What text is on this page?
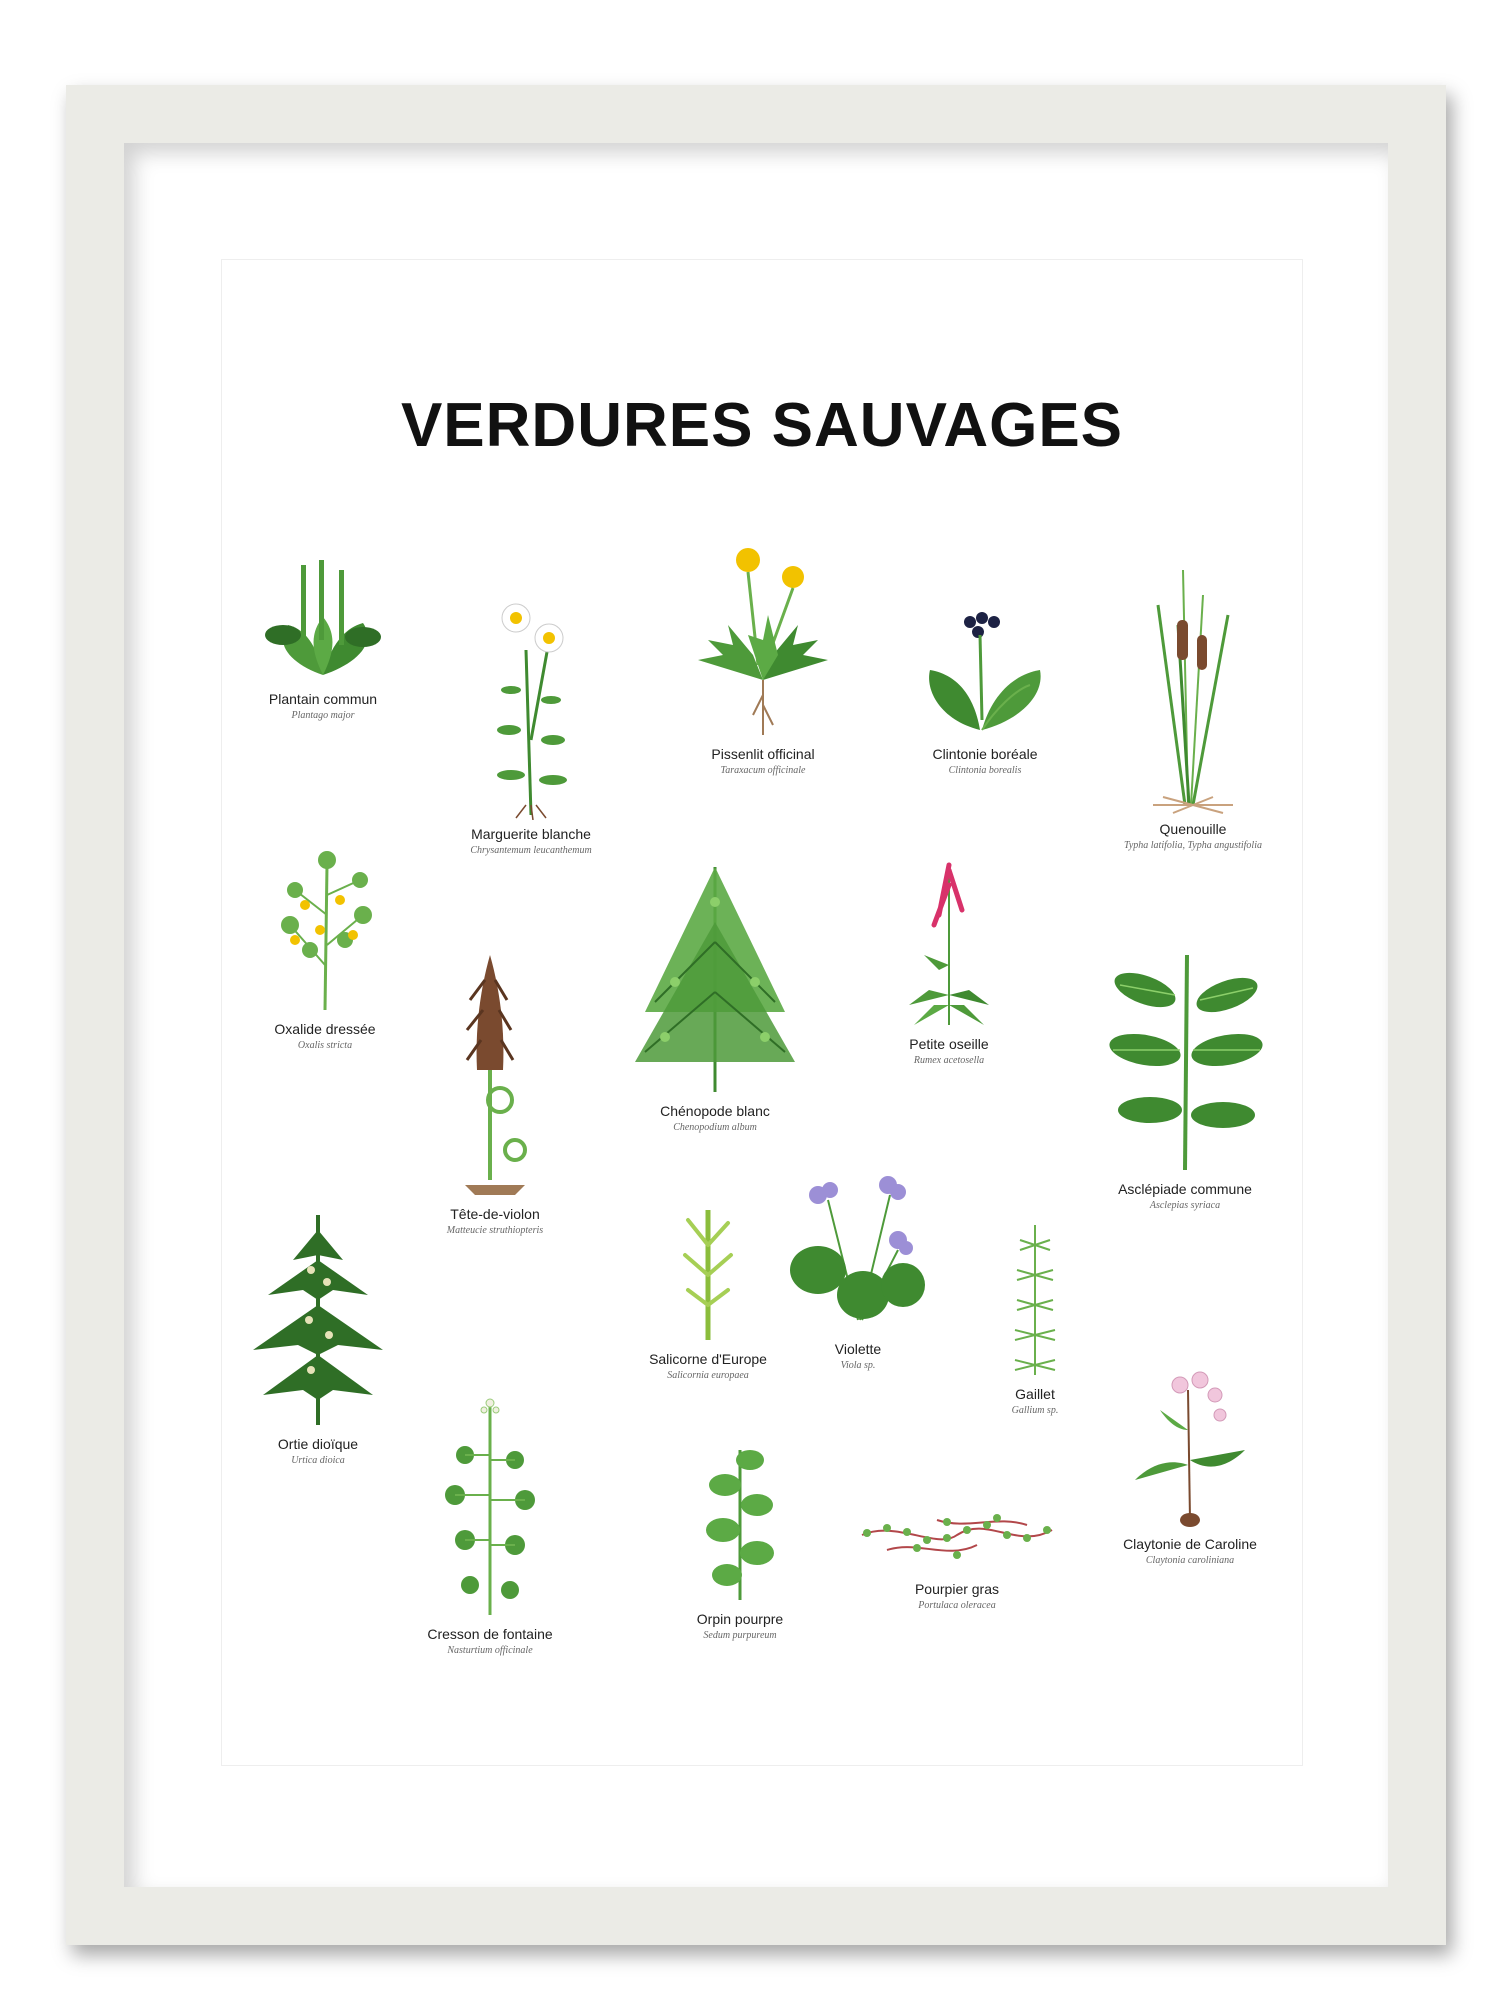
VERDURES SAUVAGES
Plantain commun
Plantago major
Marguerite blanche
Chrysantemum leucanthemum
Pissenlit officinal
Taraxacum officinale
Clintonie boréale
Clintonia borealis
Quenouille
Typha latifolia, Typha angustifolia
Oxalide dressée
Oxalis stricta
Tête-de-violon
Matteucie struthiopteris
Chénopode blanc
Chenopodium album
Petite oseille
Rumex acetosella
Asclépiade commune
Asclepias syriaca
Ortie dioïque
Urtica dioica
Salicorne d'Europe
Salicornia europaea
Violette
Viola sp.
Gaillet
Gallium sp.
Cresson de fontaine
Nasturtium officinale
Orpin pourpre
Sedum purpureum
Pourpier gras
Portulaca oleracea
Claytonie de Caroline
Claytonia caroliniana
